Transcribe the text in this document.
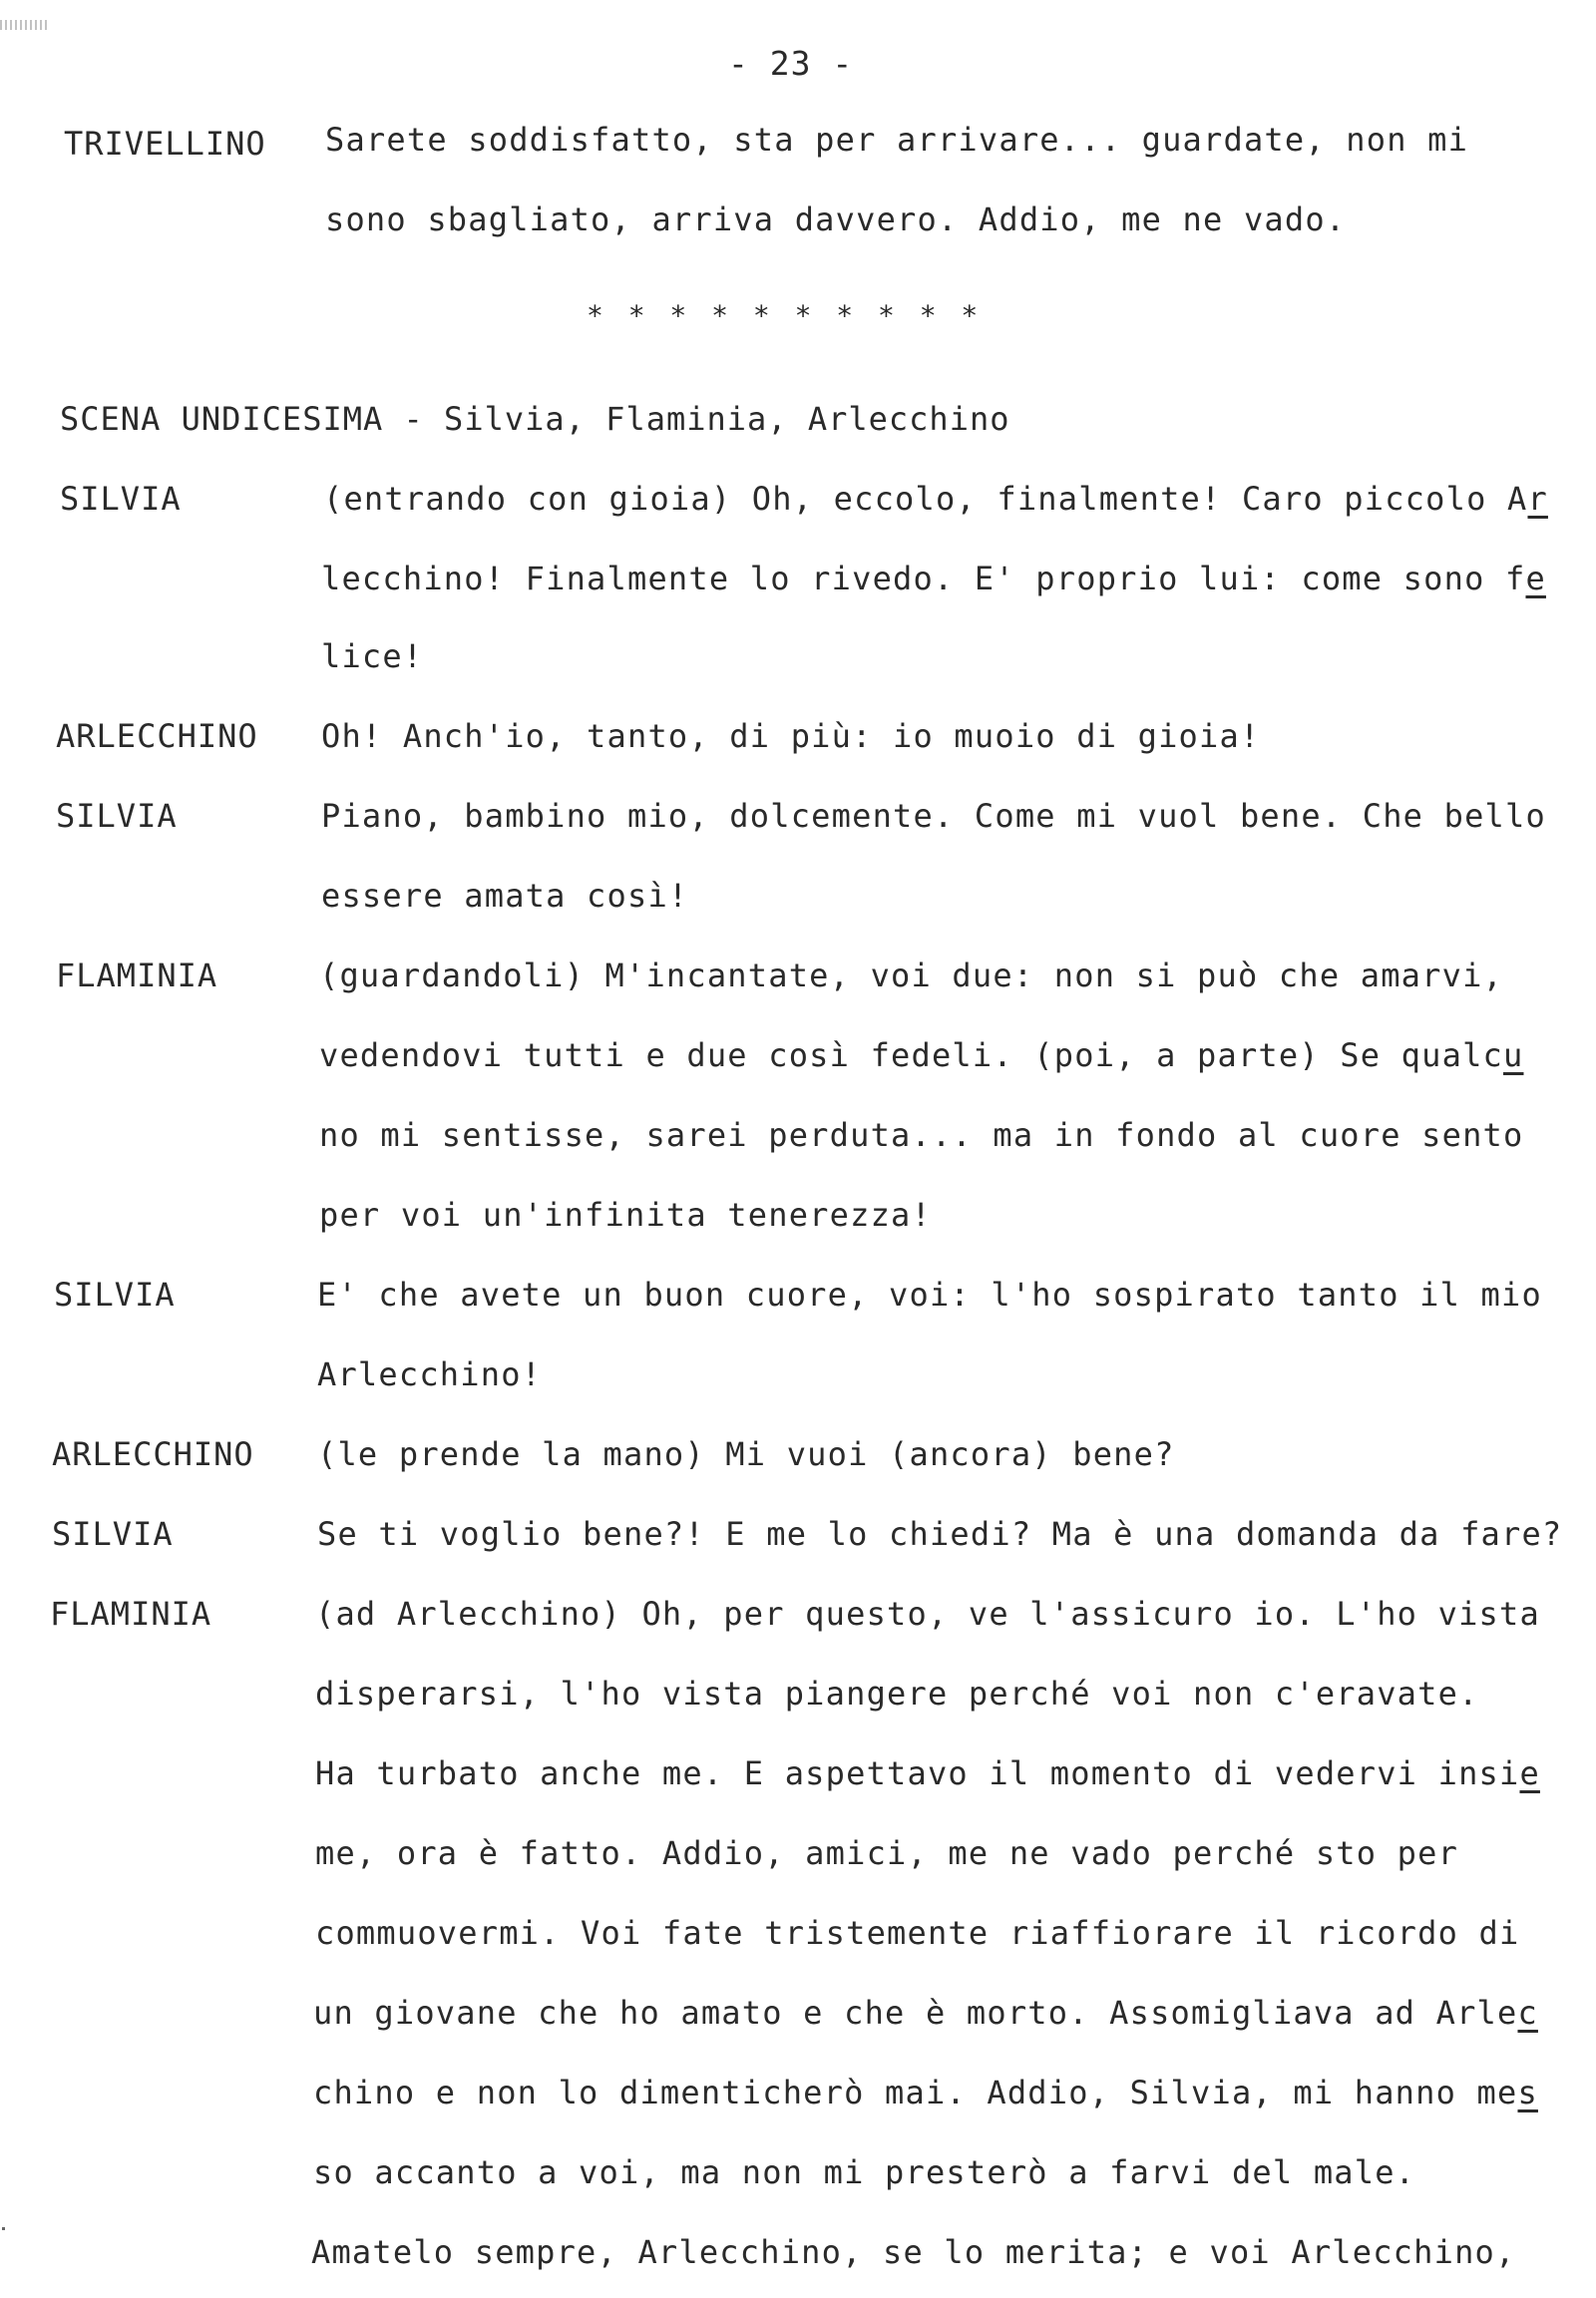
- 23 -
TRIVELLINO Sarete soddisfatto, sta per arrivare... guardate, non mi
sono sbagliato, arriva davvero. Addio, me ne vado.
* * * * * * * * * *
SCENA UNDICESIMA - Silvia, Flaminia, Arlecchino
SILVIA	(entrando con gioia) Oh, eccolo, finalmente! Caro piccolo Ar
lecchino! Finalmente lo rivedo. E' proprio lui: come sono fe
lice!
ARLECCHINO Oh! Anch'io, tanto, di più: io muoio di gioia!
SILVIA	Piano, bambino mio, dolcemente. Come mi vuol bene. Che bello
essere amata così!
FLAMINIA	(guardandoli) M'incantate, voi due: non si può che amarvi,
vedendovi tutti e due così fedeli. (poi, a parte) Se qualcu
no mi sentisse, sarei perduta... ma in fondo al cuore sento
per voi un'infinita tenerezza!
SILVIA	E' che avete un buon cuore, voi: l'ho sospirato tanto il mio
Arlecchino!
ARLECCHINO (le prende la mano) Mi vuoi (ancora) bene?
SILVIA	Se ti voglio bene?! E me lo chiedi? Ma è una domanda da fare?
FLAMINIA	(ad Arlecchino) Oh, per questo, ve l'assicuro io. L'ho vista
disperarsi, l'ho vista piangere perché voi non c'eravate.
Ha turbato anche me. E aspettavo il momento di vedervi insie
me, ora è fatto. Addio, amici, me ne vado perché sto per
commuovermi. Voi fate tristemente riaffiorare il ricordo di
un giovane che ho amato e che è morto. Assomigliava ad Arlec
chino e non lo dimenticherò mai. Addio, Silvia, mi hanno mes
so accanto a voi, ma non mi presterò a farvi del male.
Amatelo sempre, Arlecchino, se lo merita; e voi Arlecchino,
